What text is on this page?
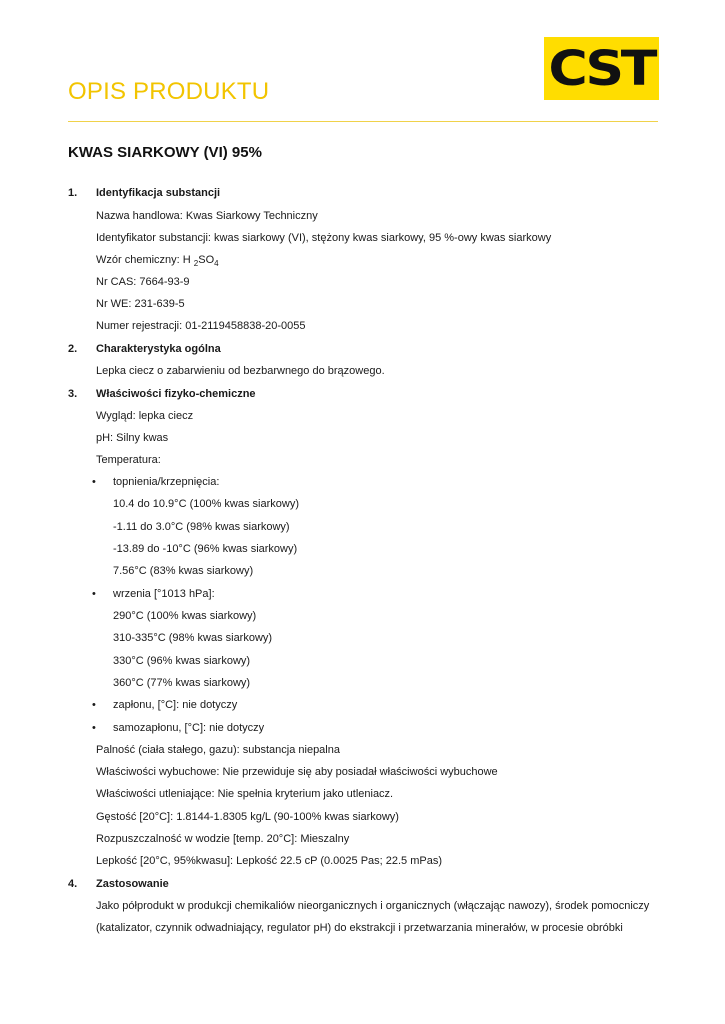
OPIS PRODUKTU	CST
KWAS SIARKOWY (VI) 95%
1. Identyfikacja substancji
Nazwa handlowa: Kwas Siarkowy Techniczny
Identyfikator substancji: kwas siarkowy (VI), stężony kwas siarkowy, 95 %-owy kwas siarkowy
Wzór chemiczny: H $_2SO_4$
Nr CAS: 7664-93-9
Nr WE: 231-639-5
Numer rejestracji: 01-2119458838-20-0055
2. Charakterystyka ogólna
Lepka ciecz o zabarwieniu od bezbarwnego do brązowego.
3. Właściwości fizyko-chemiczne
Wygląd: lepka ciecz
pH: Silny kwas
Temperatura:
• topnienia/krzepnięcia:
10.4 do 10.9°C (100% kwas siarkowy)
-1.11 do 3.0°C (98% kwas siarkowy)
-13.89 do -10°C (96% kwas siarkowy)
7.56°C (83% kwas siarkowy)
• wrzenia [°1013 hPa]:
290°C (100% kwas siarkowy)
310-335°C (98% kwas siarkowy)
330°C (96% kwas siarkowy)
360°C (77% kwas siarkowy)
• zapłonu, [°C]: nie dotyczy
• samozapłonu, [°C]: nie dotyczy
Palność (ciała stałego, gazu): substancja niepalna
Właściwości wybuchowe: Nie przewiduje się aby posiadał właściwości wybuchowe
Właściwości utleniające: Nie spełnia kryterium jako utleniacz.
Gęstość [20°C]: 1.8144-1.8305 kg/L (90-100% kwas siarkowy)
Rozpuszczalność w wodzie [temp. 20°C]: Mieszalny
Lepkość [20°C, 95%kwasu]: Lepkość 22.5 cP (0.0025 Pas; 22.5 mPas)
4. Zastosowanie
Jako półprodukt w produkcji chemikaliów nieorganicznych i organicznych (włączając nawozy), środek pomocniczy
(katalizator, czynnik odwadniający, regulator pH) do ekstrakcji i przetwarzania minerałów, w procesie obróbki
